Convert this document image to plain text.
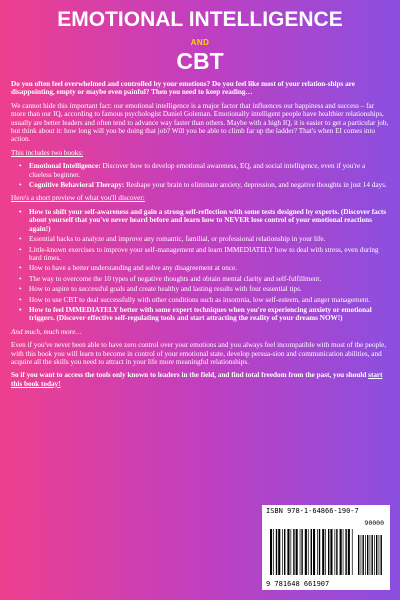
EMOTIONAL INTELLIGENCE
AND
CBT

Do you often feel overwhelmed and controlled by your emotions? Do you feel like most of your relation-ships are disappointing, empty or maybe even painful? Then you need to keep reading…

We cannot hide this important fact: our emotional intelligence is a major factor that influences our happiness and success – far more than our IQ, according to famous psychologist Daniel Goleman. Emotionally intelligent people have healthier relationships, usually are better leaders and often tend to advance way faster than others. Maybe with a high IQ, it is easier to get a particular job, but think about it: how long will you be doing that job? Will you be able to climb far up the ladder? That's when EI comes into action.

This includes two books:

• Emotional Intelligence: Discover how to develop emotional awareness, EQ, and social intelligence, even if you're a clueless beginner.
• Cognitive Behavioral Therapy: Reshape your brain to eliminate anxiety, depression, and negative thoughts in just 14 days.

Here's a short preview of what you'll discover:

• How to shift your self-awareness and gain a strong self-reflection with some tests designed by experts. (Discover facts about yourself that you've never heard before and learn how to NEVER lose control of your emotional reactions again!)
• Essential hacks to analyze and improve any romantic, familial, or professional relationship in your life.
• Little-known exercises to improve your self-management and learn IMMEDIATELY how to deal with stress, even during hard times.
• How to have a better understanding and solve any disagreement at once.
• The way to overcome the 10 types of negative thoughts and obtain mental clarity and self-fulfillment.
• How to aspire to successful goals and create healthy and lasting results with four essential tips.
• How to use CBT to deal successfully with other conditions such as insomnia, low self-esteem, and anger management.
• How to feel IMMEDIATELY better with some expert techniques when you're experiencing anxiety or emotional triggers. (Discover effective self-regulating tools and start attracting the reality of your dreams NOW!)

And much, much more…

Even if you've never been able to have zero control over your emotions and you always feel incompatible with most of the people, with this book you will learn to become in control of your emotional state, develop persua-sion and communication abilities, and acquire all the skills you need to attract in your life more meaningful relationships.

So if you want to access the tools only known to leaders in the field, and find total freedom from the past, you should start this book today!

ISBN 978-1-64866-190-7
90000
9 781648 661907
